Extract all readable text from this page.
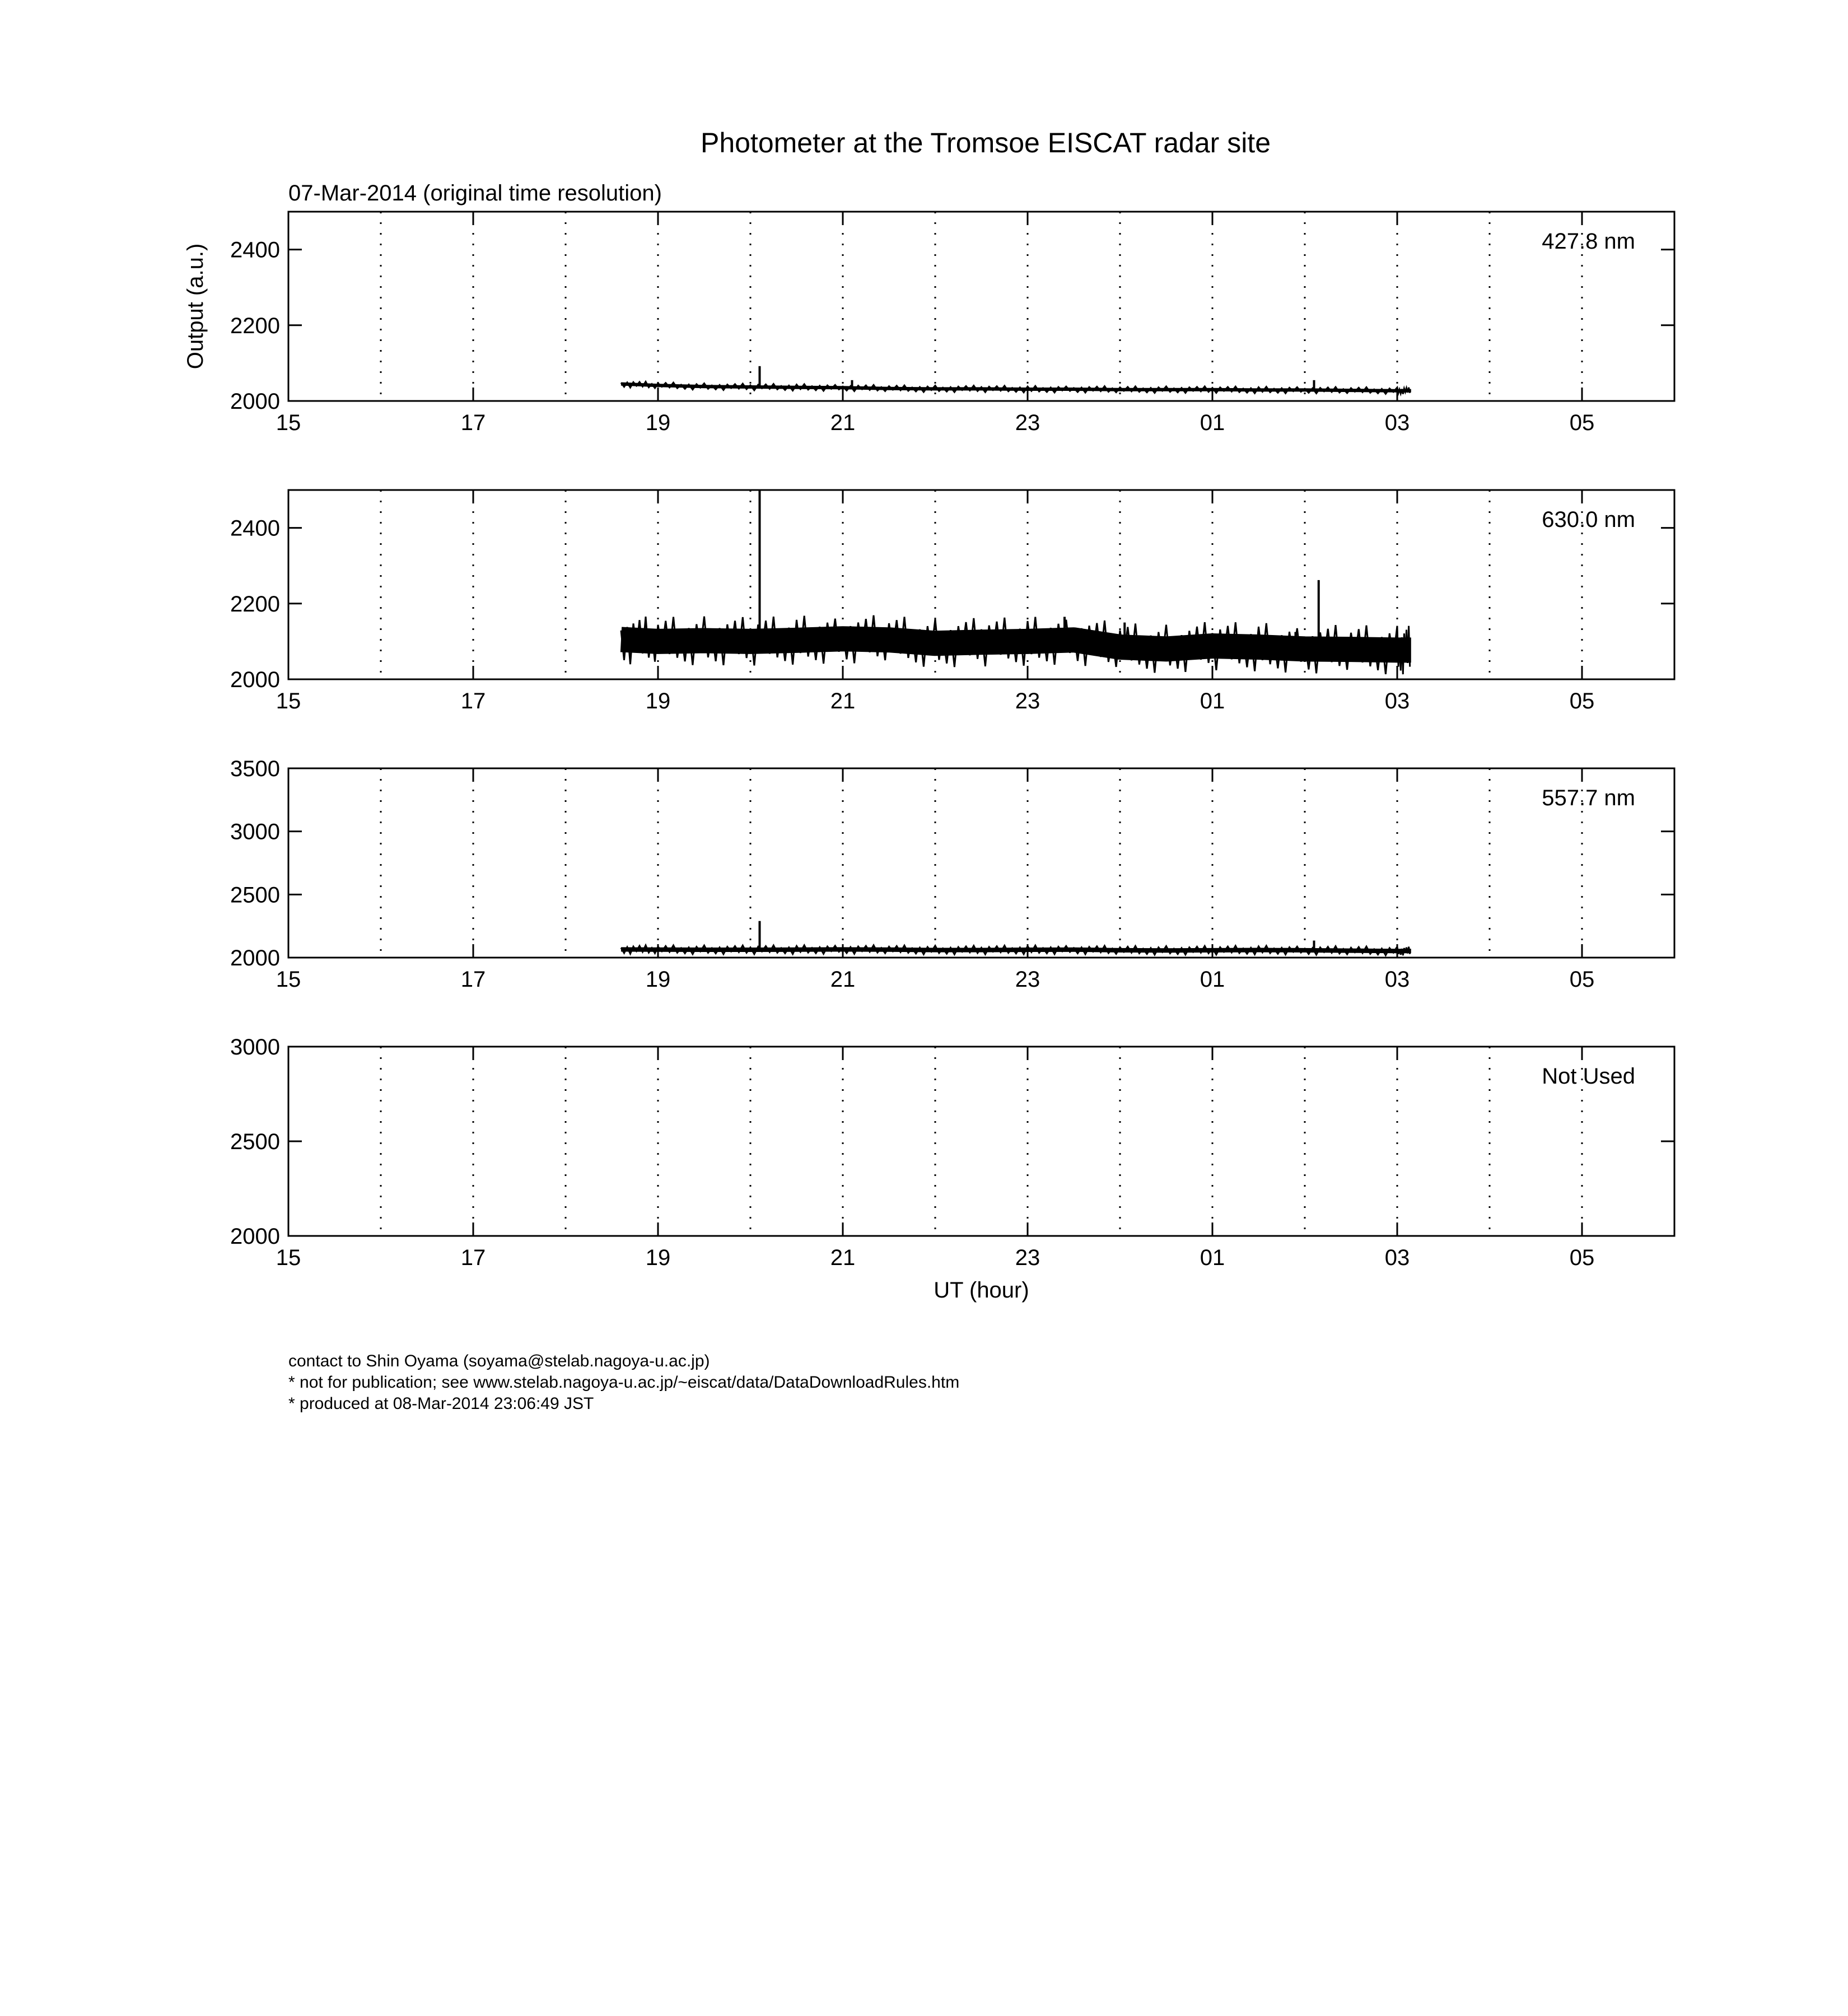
Photometer at the Tromsoe EISCAT radar site
07-Mar-2014 (original time resolution)
Output (a.u.)
15	17	19	21	23	01	03	05
2000
2200
2400	427.8 nm
15	17	19	21	23	01	03	05
2000
2200
2400	630.0 nm
15	17	19	21	23	01	03	05
2000
2500
3000
3500
557.7 nm
15	17	19	21	23	01	03	05
2000
2500
3000
Not Used
UT (hour)
contact to Shin Oyama (soyama@stelab.nagoya-u.ac.jp)
* not for publication; see www.stelab.nagoya-u.ac.jp/~eiscat/data/DataDownloadRules.htm
* produced at 08-Mar-2014 23:06:49 JST
